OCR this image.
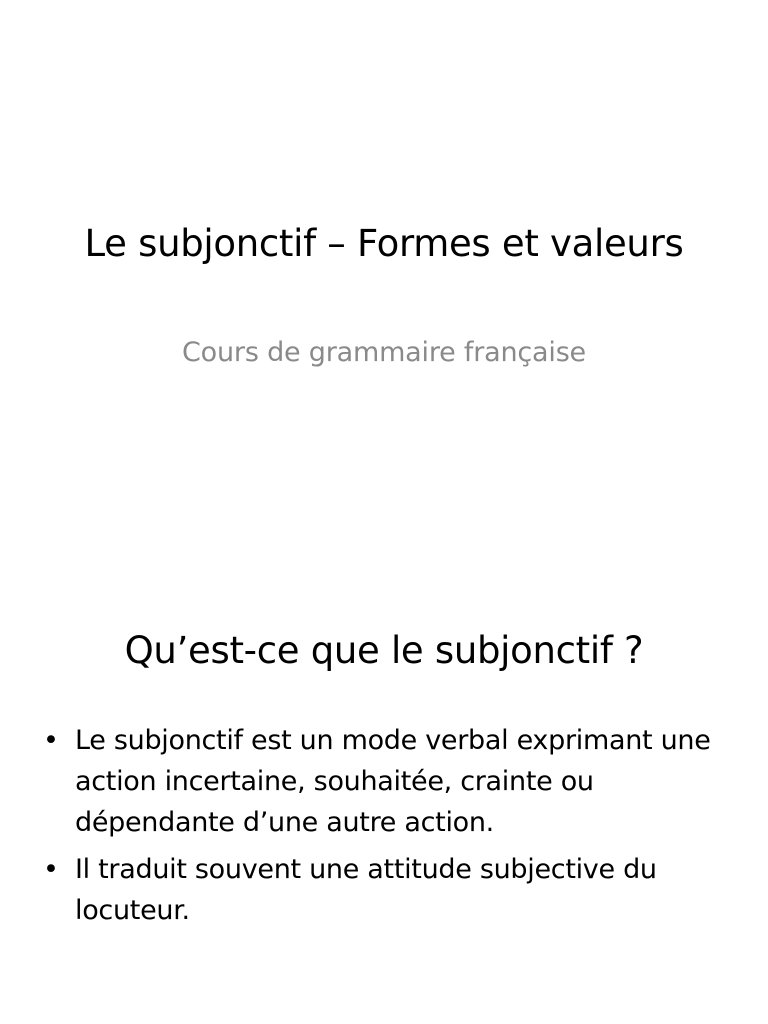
Le subjonctif – Formes et valeurs

Cours de grammaire française

Qu’est-ce que le subjonctif ?
• Le subjonctif est un mode verbal exprimant une action incertaine, souhaitée, crainte ou dépendante d’une autre action.
• Il traduit souvent une attitude subjective du locuteur.
